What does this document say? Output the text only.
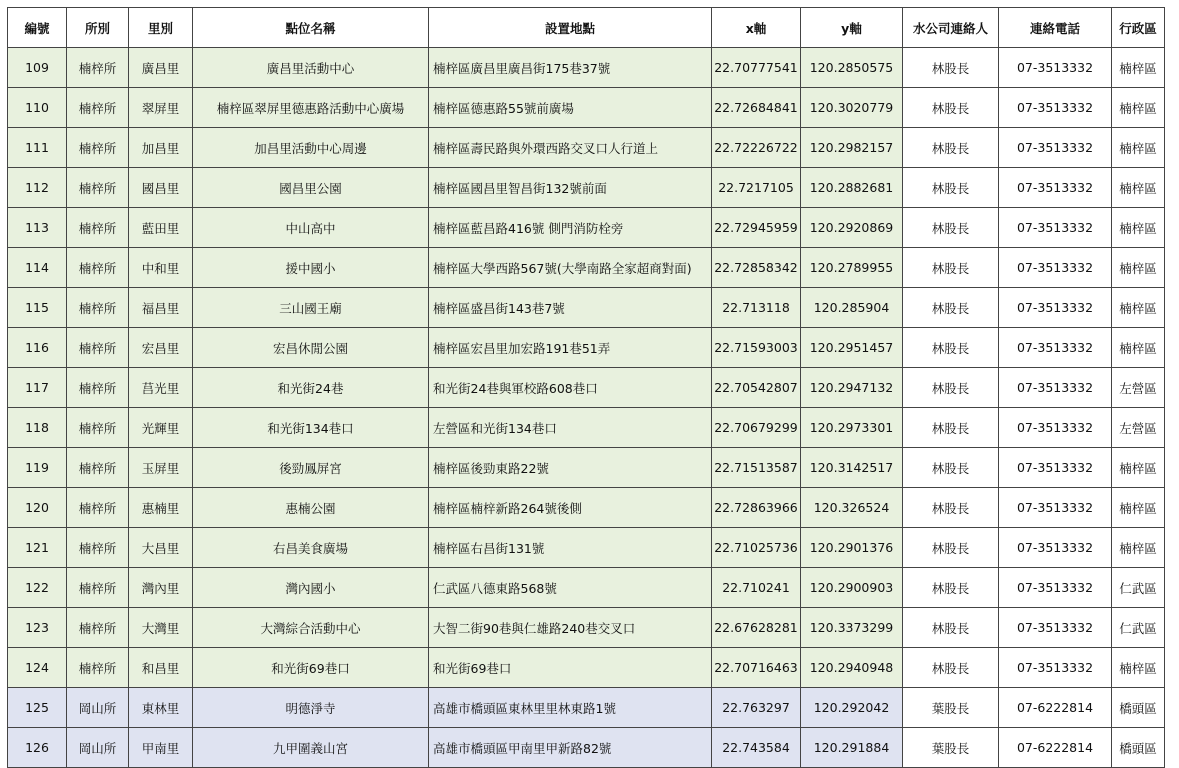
編號	所別	里別	點位名稱	設置地點	x軸	y軸	水公司連絡人	連絡電話	行政區
109	楠梓所	廣昌里	廣昌里活動中心	楠梓區廣昌里廣昌街175巷37號	22.70777541	120.2850575	林股長	07-3513332	楠梓區
110	楠梓所	翠屏里	楠梓區翠屏里德惠路活動中心廣場	楠梓區德惠路55號前廣場	22.72684841	120.3020779	林股長	07-3513332	楠梓區
111	楠梓所	加昌里	加昌里活動中心周邊	楠梓區壽民路與外環西路交叉口人行道上	22.72226722	120.2982157	林股長	07-3513332	楠梓區
112	楠梓所	國昌里	國昌里公園	楠梓區國昌里智昌街132號前面	22.7217105	120.2882681	林股長	07-3513332	楠梓區
113	楠梓所	藍田里	中山高中	楠梓區藍昌路416號 側門消防栓旁	22.72945959	120.2920869	林股長	07-3513332	楠梓區
114	楠梓所	中和里	援中國小	楠梓區大學西路567號(大學南路全家超商對面)	22.72858342	120.2789955	林股長	07-3513332	楠梓區
115	楠梓所	福昌里	三山國王廟	楠梓區盛昌街143巷7號	22.713118	120.285904	林股長	07-3513332	楠梓區
116	楠梓所	宏昌里	宏昌休閒公園	楠梓區宏昌里加宏路191巷51弄	22.71593003	120.2951457	林股長	07-3513332	楠梓區
117	楠梓所	莒光里	和光街24巷	和光街24巷與軍校路608巷口	22.70542807	120.2947132	林股長	07-3513332	左營區
118	楠梓所	光輝里	和光街134巷口	左營區和光街134巷口	22.70679299	120.2973301	林股長	07-3513332	左營區
119	楠梓所	玉屏里	後勁鳳屏宮	楠梓區後勁東路22號	22.71513587	120.3142517	林股長	07-3513332	楠梓區
120	楠梓所	惠楠里	惠楠公園	楠梓區楠梓新路264號後側	22.72863966	120.326524	林股長	07-3513332	楠梓區
121	楠梓所	大昌里	右昌美食廣場	楠梓區右昌街131號	22.71025736	120.2901376	林股長	07-3513332	楠梓區
122	楠梓所	灣內里	灣內國小	仁武區八德東路568號	22.710241	120.2900903	林股長	07-3513332	仁武區
123	楠梓所	大灣里	大灣綜合活動中心	大智二街90巷與仁雄路240巷交叉口	22.67628281	120.3373299	林股長	07-3513332	仁武區
124	楠梓所	和昌里	和光街69巷口	和光街69巷口	22.70716463	120.2940948	林股長	07-3513332	楠梓區
125	岡山所	東林里	明德淨寺	高雄市橋頭區東林里里林東路1號	22.763297	120.292042	葉股長	07-6222814	橋頭區
126	岡山所	甲南里	九甲圍義山宮	高雄市橋頭區甲南里甲新路82號	22.743584	120.291884	葉股長	07-6222814	橋頭區
